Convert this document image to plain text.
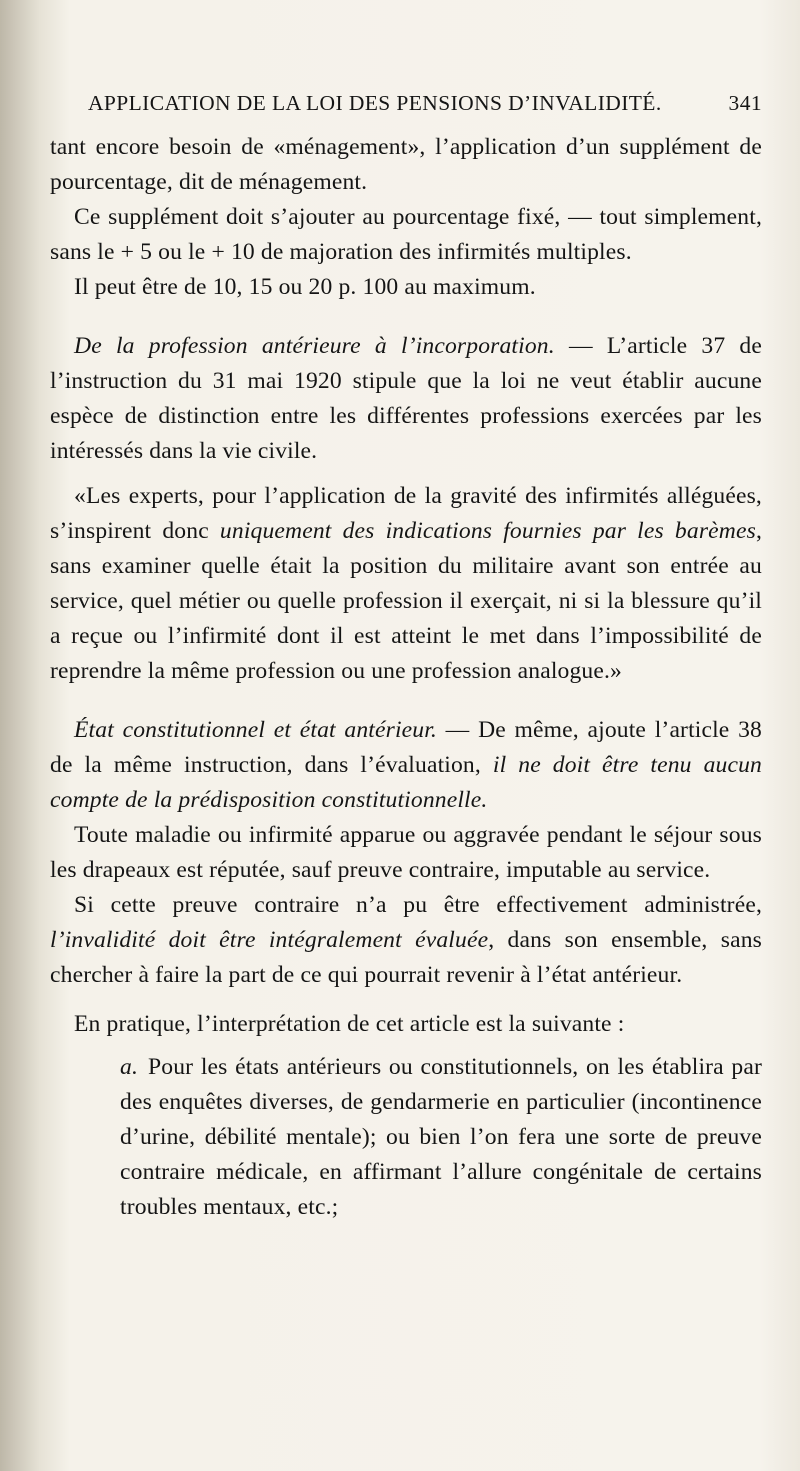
APPLICATION DE LA LOI DES PENSIONS D’INVALIDITÉ.	341

tant encore besoin de «ménagement», l’application d’un supplément de pourcentage, dit de ménagement.

Ce supplément doit s’ajouter au pourcentage fixé, — tout simplement, sans le + 5 ou le + 10 de majoration des infirmités multiples.

Il peut être de 10, 15 ou 20 p. 100 au maximum.

De la profession antérieure à l’incorporation. — L’article 37 de l’instruction du 31 mai 1920 stipule que la loi ne veut établir aucune espèce de distinction entre les différentes professions exercées par les intéressés dans la vie civile.

«Les experts, pour l’application de la gravité des infirmités alléguées, s’inspirent donc uniquement des indications fournies par les barèmes, sans examiner quelle était la position du militaire avant son entrée au service, quel métier ou quelle profession il exerçait, ni si la blessure qu’il a reçue ou l’infirmité dont il est atteint le met dans l’impossibilité de reprendre la même profession ou une profession analogue.»

État constitutionnel et état antérieur. — De même, ajoute l’article 38 de la même instruction, dans l’évaluation, il ne doit être tenu aucun compte de la prédisposition constitutionnelle.

Toute maladie ou infirmité apparue ou aggravée pendant le séjour sous les drapeaux est réputée, sauf preuve contraire, imputable au service.

Si cette preuve contraire n’a pu être effectivement administrée, l’invalidité doit être intégralement évaluée, dans son ensemble, sans chercher à faire la part de ce qui pourrait revenir à l’état antérieur.

En pratique, l’interprétation de cet article est la suivante :

a. Pour les états antérieurs ou constitutionnels, on les établira par des enquêtes diverses, de gendarmerie en particulier (incontinence d’urine, débilité mentale); ou bien l’on fera une sorte de preuve contraire médicale, en affirmant l’allure congénitale de certains troubles mentaux, etc.;
